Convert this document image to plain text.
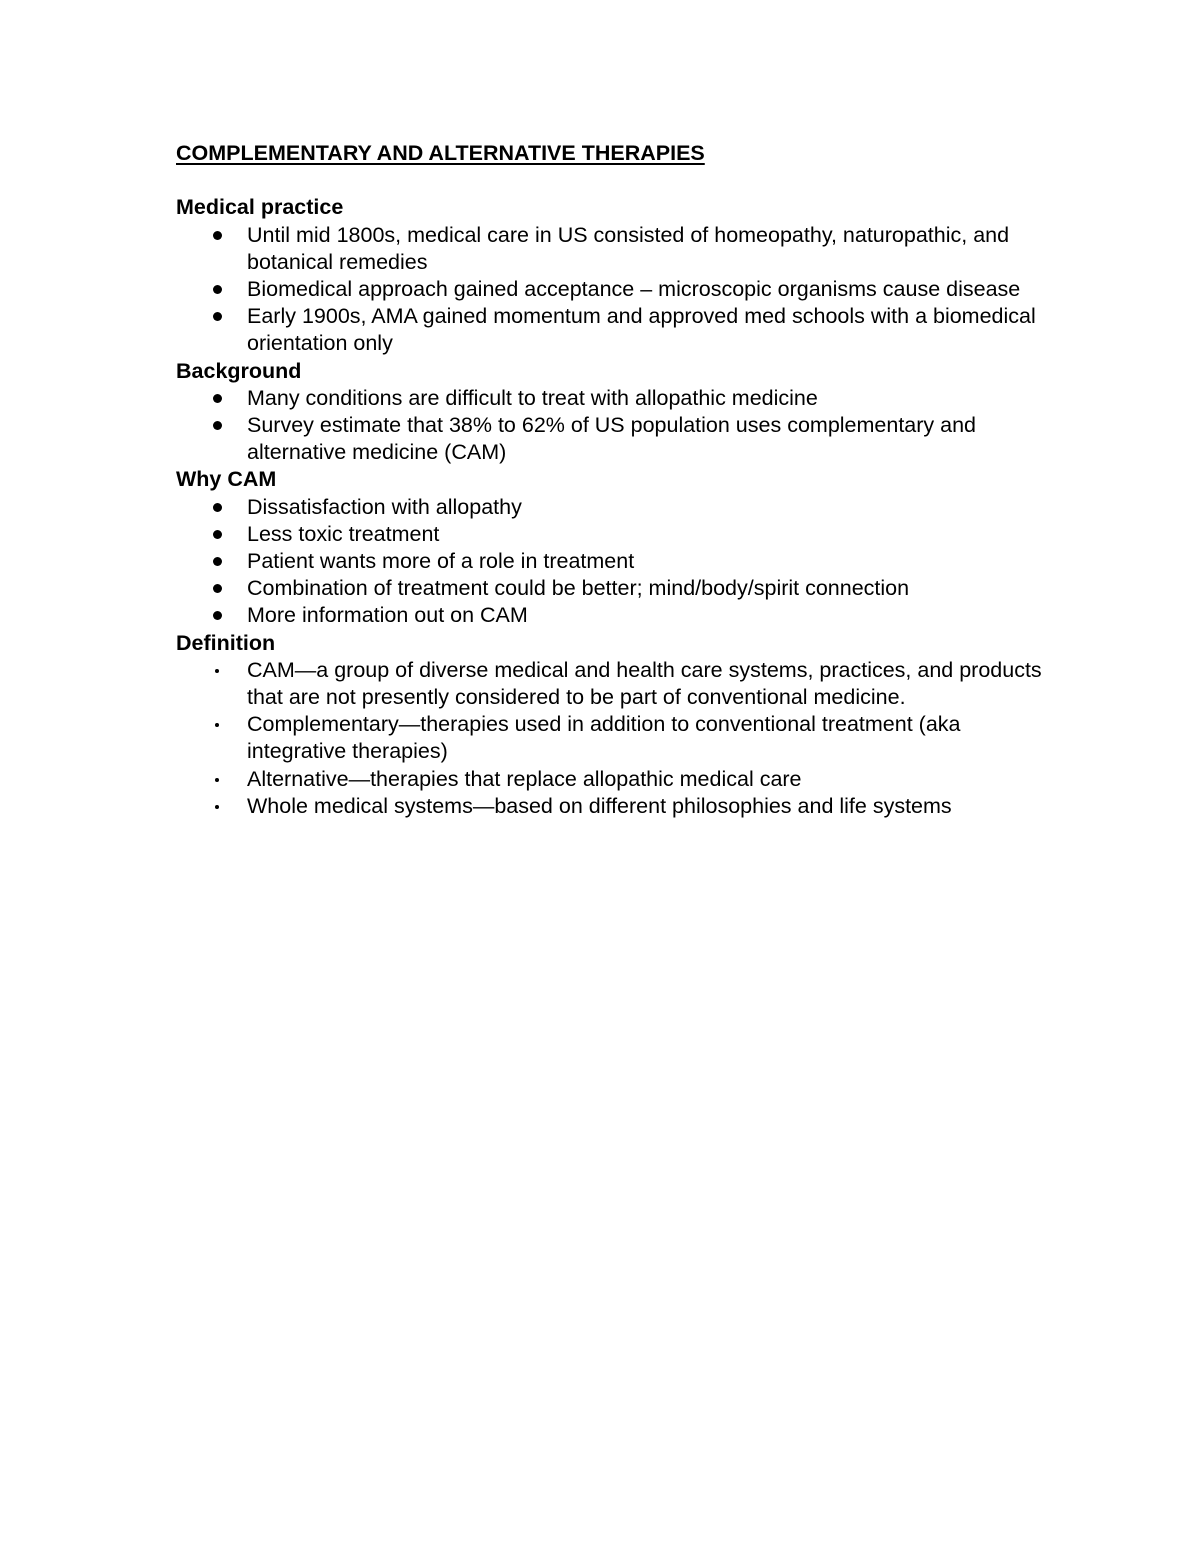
COMPLEMENTARY AND ALTERNATIVE THERAPIES
Medical practice
Until mid 1800s, medical care in US consisted of homeopathy, naturopathic, and botanical remedies
Biomedical approach gained acceptance – microscopic organisms cause disease
Early 1900s, AMA gained momentum and approved med schools with a biomedical orientation only
Background
Many conditions are difficult to treat with allopathic medicine
Survey estimate that 38% to 62% of US population uses complementary and alternative medicine (CAM)
Why CAM
Dissatisfaction with allopathy
Less toxic treatment
Patient wants more of a role in treatment
Combination of treatment could be better; mind/body/spirit connection
More information out on CAM
Definition
CAM—a group of diverse medical and health care systems, practices, and products that are not presently considered to be part of conventional medicine.
Complementary—therapies used in addition to conventional treatment (aka integrative therapies)
Alternative—therapies that replace allopathic medical care
Whole medical systems—based on different philosophies and life systems
